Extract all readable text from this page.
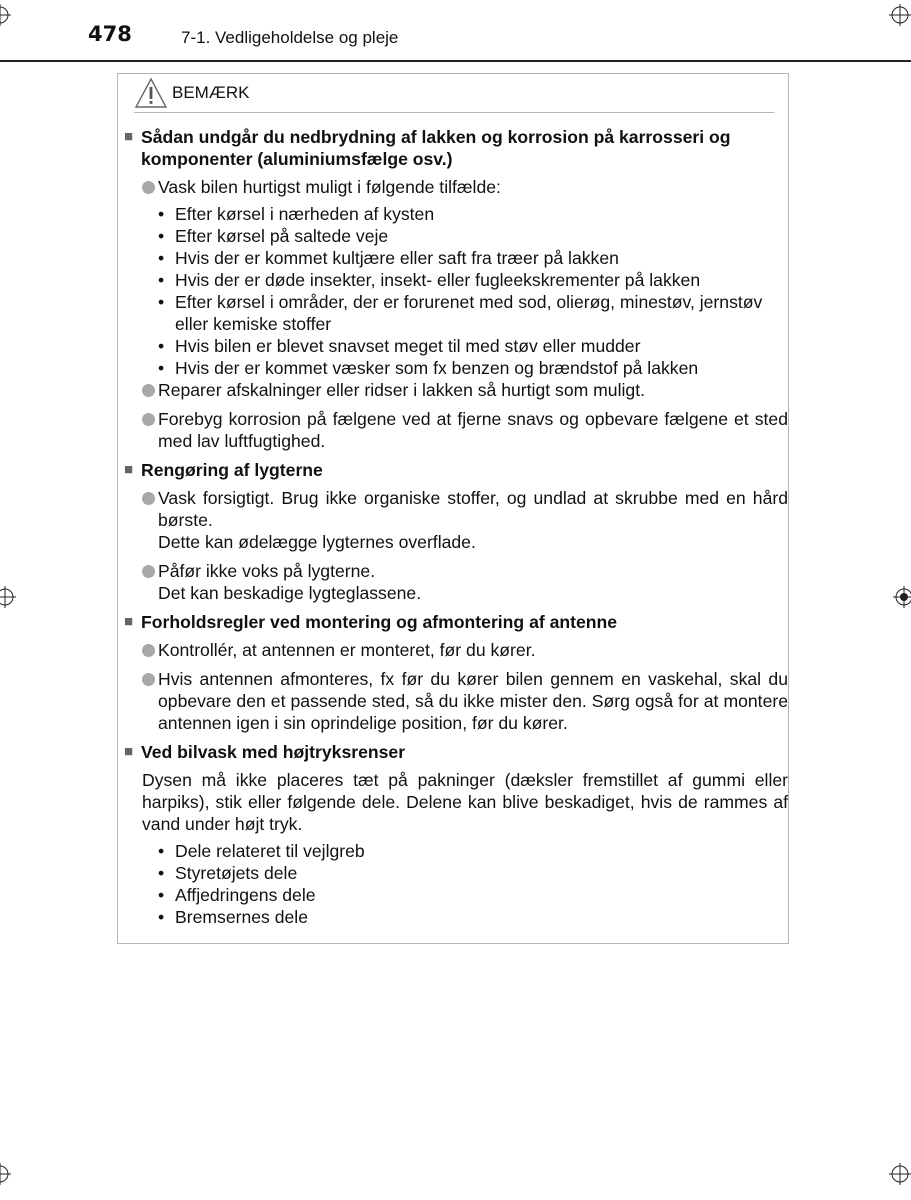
478	7-1. Vedligeholdelse og pleje
BEMÆRK
■ Sådan undgår du nedbrydning af lakken og korrosion på karrosseri og komponenter (aluminiumsfælge osv.)
Vask bilen hurtigst muligt i følgende tilfælde:
• Efter kørsel i nærheden af kysten
• Efter kørsel på saltede veje
• Hvis der er kommet kultjære eller saft fra træer på lakken
• Hvis der er døde insekter, insekt- eller fugleekskrementer på lakken
• Efter kørsel i områder, der er forurenet med sod, olierøg, minestøv, jernstøv eller kemiske stoffer
• Hvis bilen er blevet snavset meget til med støv eller mudder
• Hvis der er kommet væsker som fx benzen og brændstof på lakken
Reparer afskalninger eller ridser i lakken så hurtigt som muligt.
Forebyg korrosion på fælgene ved at fjerne snavs og opbevare fælgene et sted med lav luftfugtighed.
■ Rengøring af lygterne
Vask forsigtigt. Brug ikke organiske stoffer, og undlad at skrubbe med en hård børste.
Dette kan ødelægge lygternes overflade.
Påfør ikke voks på lygterne.
Det kan beskadige lygteglassene.
■ Forholdsregler ved montering og afmontering af antenne
Kontrollér, at antennen er monteret, før du kører.
Hvis antennen afmonteres, fx før du kører bilen gennem en vaskehal, skal du opbevare den et passende sted, så du ikke mister den. Sørg også for at montere antennen igen i sin oprindelige position, før du kører.
■ Ved bilvask med højtryksrenser
Dysen må ikke placeres tæt på pakninger (dæksler fremstillet af gummi eller harpiks), stik eller følgende dele. Delene kan blive beskadiget, hvis de rammes af vand under højt tryk.
• Dele relateret til vejlgreb
• Styretøjets dele
• Affjedringens dele
• Bremsernes dele
